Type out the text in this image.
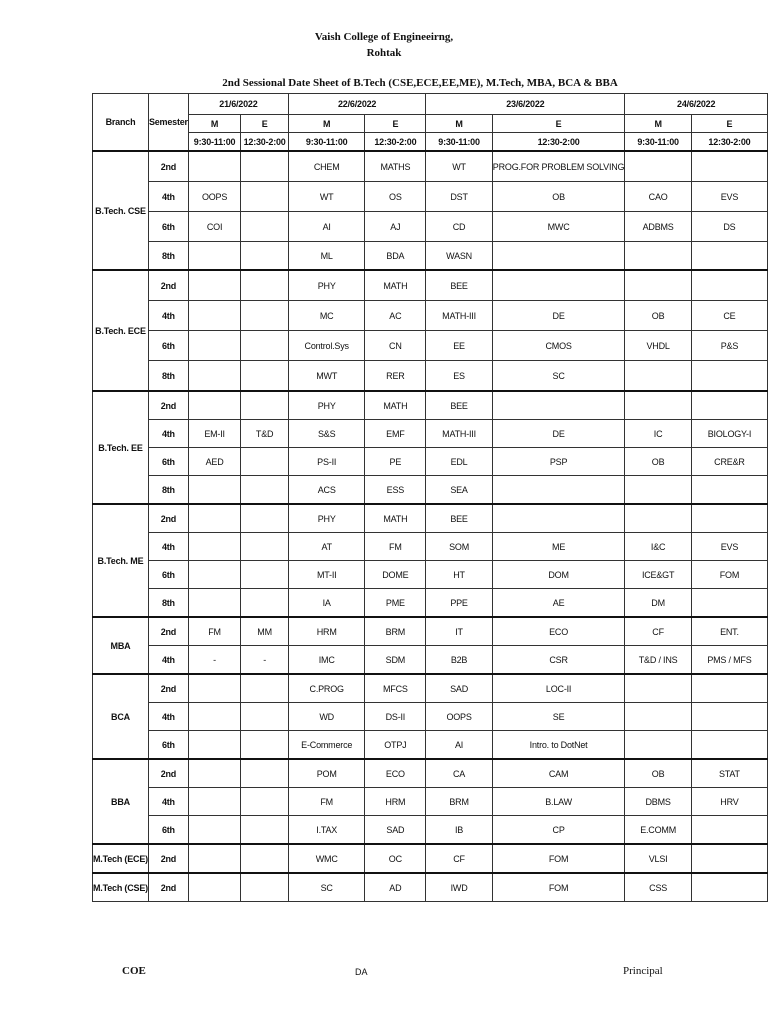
Vaish College of Engineeirng,
Rohtak
2nd Sessional Date Sheet of B.Tech (CSE,ECE,EE,ME), M.Tech, MBA, BCA & BBA
Branch	Semester	21/6/2022		22/6/2022		23/6/2022		24/6/2022	
		M	E	M	E	M	E	M	E
		9:30-11:00	12:30-2:00	9:30-11:00	12:30-2:00	9:30-11:00	12:30-2:00	9:30-11:00	12:30-2:00
B.Tech. CSE	2nd			CHEM	MATHS	WT	PROG.FOR PROBLEM SOLVING		
	4th	OOPS		WT	OS	DST	OB	CAO	EVS
	6th	COI		AI	AJ	CD	MWC	ADBMS	DS
	8th			ML	BDA	WASN			
B.Tech. ECE	2nd			PHY	MATH	BEE			
	4th			MC	AC	MATH-III	DE	OB	CE
	6th			Control.Sys	CN	EE	CMOS	VHDL	P&S
	8th			MWT	RER	ES	SC		
B.Tech. EE	2nd			PHY	MATH	BEE			
	4th	EM-II	T&D	S&S	EMF	MATH-III	DE	IC	BIOLOGY-I
	6th	AED		PS-II	PE	EDL	PSP	OB	CRE&R
	8th			ACS	ESS	SEA			
B.Tech. ME	2nd			PHY	MATH	BEE			
	4th			AT	FM	SOM	ME	I&C	EVS
	6th			MT-II	DOME	HT	DOM	ICE&GT	FOM
	8th			IA	PME	PPE	AE	DM	
MBA	2nd	FM	MM	HRM	BRM	IT	ECO	CF	ENT.
	4th	-	-	IMC	SDM	B2B	CSR	T&D / INS	PMS / MFS
BCA	2nd			C.PROG	MFCS	SAD	LOC-II		
	4th			WD	DS-II	OOPS	SE		
	6th			E-Commerce	OTPJ	AI	Intro. to DotNet		
BBA	2nd			POM	ECO	CA	CAM	OB	STAT
	4th			FM	HRM	BRM	B.LAW	DBMS	HRV
	6th			I.TAX	SAD	IB	CP	E.COMM	
M.Tech (ECE)	2nd			WMC	OC	CF	FOM	VLSI	
M.Tech (CSE)	2nd			SC	AD	IWD	FOM	CSS	
COE	DA	Principal
